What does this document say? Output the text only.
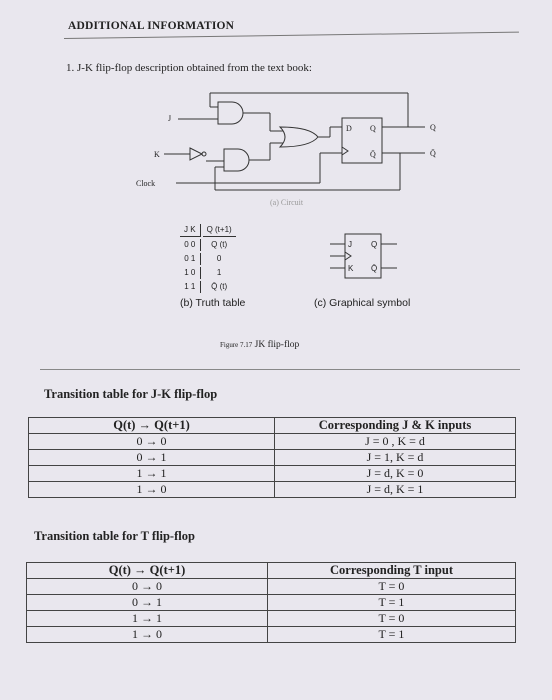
ADDITIONAL INFORMATION
1. J-K flip-flop description obtained from the text book:
J
K
Clock
D Q
Q̄
Q
Q̄
(a) Circuit
J K	Q (t+1)
0 0	Q (t)
0 1	0
1 0	1
1 1	Q̄ (t)
(b) Truth table
J
K
Q
Q̄
(c) Graphical symbol
Figure 7.17 JK flip-flop
Transition table for J-K flip-flop
Q(t) → Q(t+1)	Corresponding J & K inputs
0 → 0	J = 0 , K = d
0 → 1	J = 1, K = d
1 → 1	J = d, K = 0
1 → 0	J = d, K = 1
Transition table for T flip-flop
Q(t) → Q(t+1)	Corresponding T input
0 → 0	T = 0
0 → 1	T = 1
1 → 1	T = 0
1 → 0	T = 1
